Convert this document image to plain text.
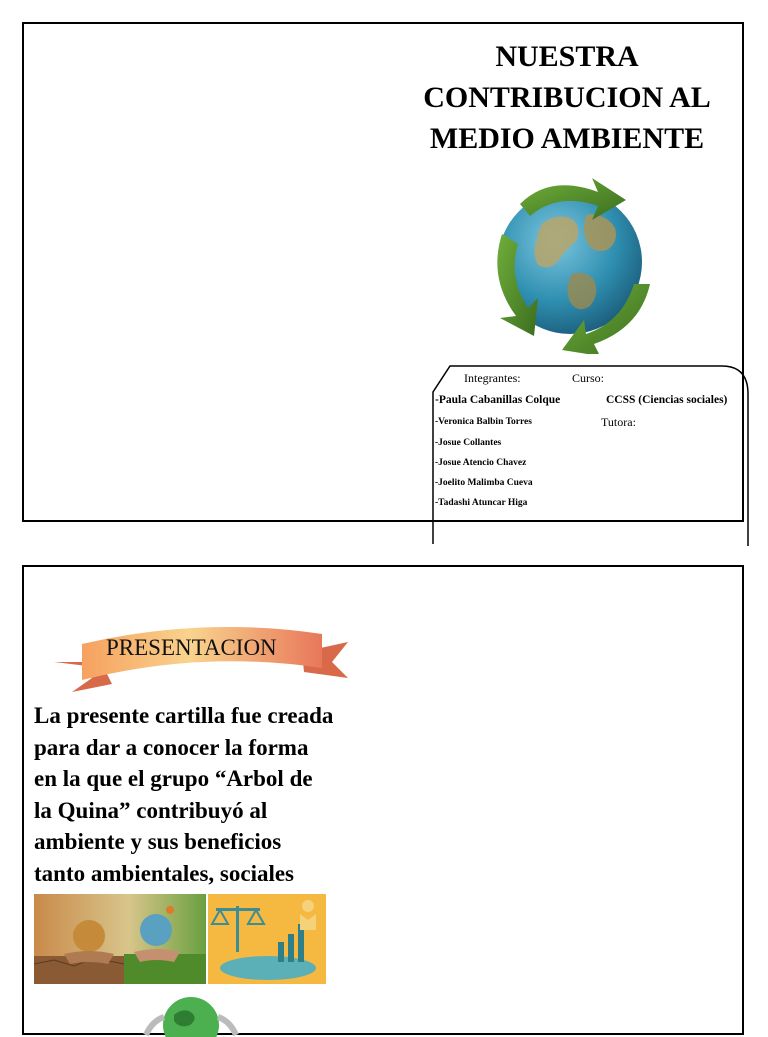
NUESTRA
CONTRIBUCION AL
MEDIO AMBIENTE
Integrantes:	Curso:
-Paula Cabanillas Colque	CCSS (Ciencias sociales)
-Veronica Balbin Torres	Tutora:
-Josue Collantes
-Josue Atencio Chavez
-Joelito Malimba Cueva
-Tadashi Atuncar Higa
PRESENTACION
La presente cartilla fue creada
para dar a conocer la forma
en la que el grupo “Arbol de
la Quina” contribuyó al
ambiente y sus beneficios
tanto ambientales, sociales
